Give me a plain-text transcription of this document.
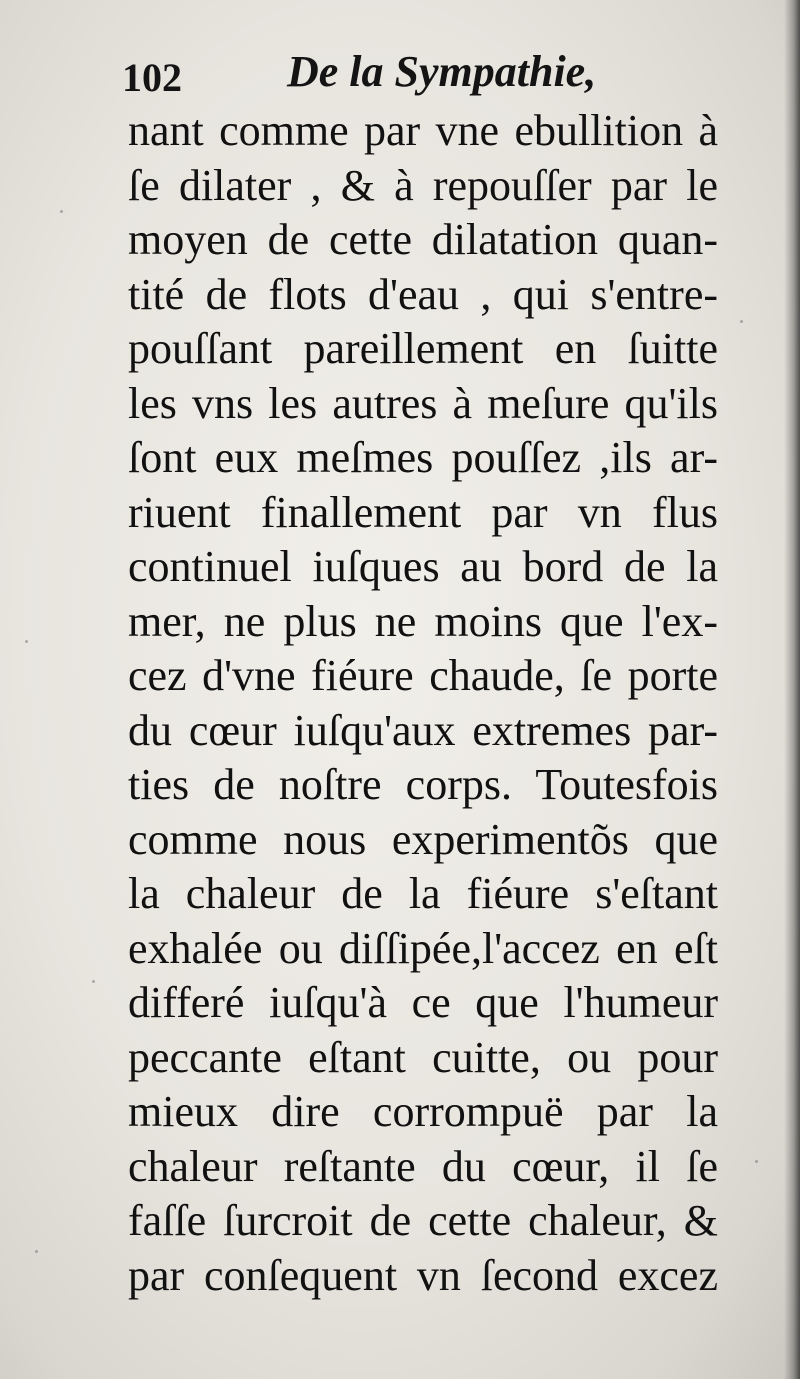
102 De la Sympathie,
nant comme par vne ebullition à
ſe dilater , & à repouſſer par le
moyen de cette dilatation quan-
tité de flots d'eau , qui s'entre-
pouſſant pareillement en ſuitte
les vns les autres à meſure qu'ils
ſont eux meſmes pouſſez ,ils ar-
riuent finallement par vn flus
continuel iuſques au bord de la
mer, ne plus ne moins que l'ex-
cez d'vne fiéure chaude, ſe porte
du cœur iuſqu'aux extremes par-
ties de noſtre corps. Toutesfois
comme nous experimentõs que
la chaleur de la fiéure s'eſtant
exhalée ou diſſipée,l'accez en eſt
differé iuſqu'à ce que l'humeur
peccante eſtant cuitte, ou pour
mieux dire corrompuë par la
chaleur reſtante du cœur, il ſe
faſſe ſurcroit de cette chaleur, &
par conſequent vn ſecond excez
